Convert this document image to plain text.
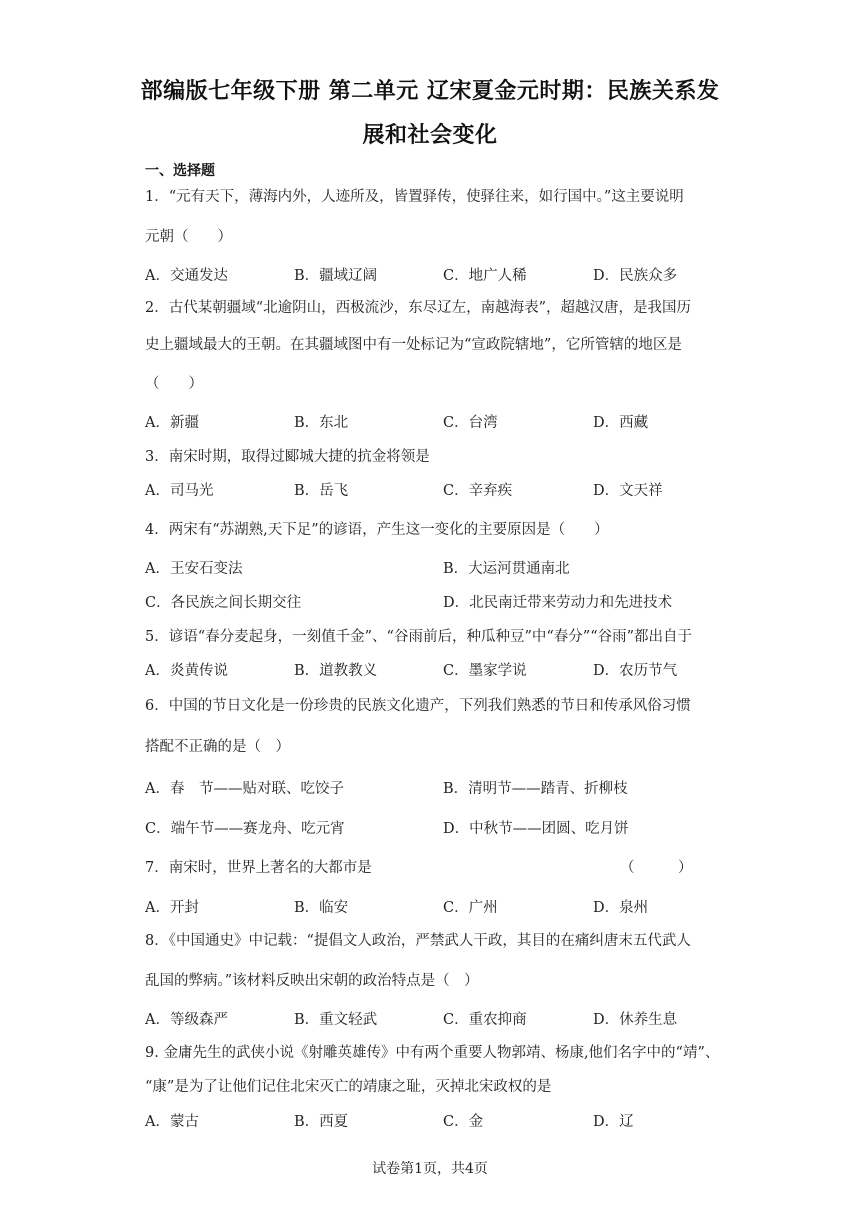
部编版七年级下册 第二单元 辽宋夏金元时期：民族关系发
展和社会变化
一、选择题
1．“元有天下，薄海内外，人迹所及，皆置驿传，使驿往来，如行国中。”这主要说明
元朝（　　）
A．交通发达	B．疆域辽阔	C．地广人稀	D．民族众多
2．古代某朝疆域“北逾阴山，西极流沙，东尽辽左，南越海表”，超越汉唐，是我国历
史上疆域最大的王朝。在其疆域图中有一处标记为“宣政院辖地”，它所管辖的地区是
（　　）
A．新疆	B．东北	C．台湾	D．西藏
3．南宋时期，取得过郾城大捷的抗金将领是
A．司马光	B．岳飞	C．辛弃疾	D．文天祥
4．两宋有“苏湖熟,天下足”的谚语，产生这一变化的主要原因是（　　）
A．王安石变法	B．大运河贯通南北
C．各民族之间长期交往	D．北民南迁带来劳动力和先进技术
5．谚语“春分麦起身，一刻值千金”、“谷雨前后，种瓜种豆”中“春分”“谷雨”都出自于
A．炎黄传说	B．道教教义	C．墨家学说	D．农历节气
6．中国的节日文化是一份珍贵的民族文化遗产，下列我们熟悉的节日和传承风俗习惯
搭配不正确的是（　）
A．春　节——贴对联、吃饺子	B．清明节——踏青、折柳枝
C．端午节——赛龙舟、吃元宵	D．中秋节——团圆、吃月饼
7．南宋时，世界上著名的大都市是	（　　　）
A．开封	B．临安	C．广州	D．泉州
8．《中国通史》中记载：“提倡文人政治，严禁武人干政，其目的在痛纠唐末五代武人
乱国的弊病。”该材料反映出宋朝的政治特点是（　）
A．等级森严	B．重文轻武	C．重农抑商	D．休养生息
9. 金庸先生的武侠小说《射雕英雄传》中有两个重要人物郭靖、杨康,他们名字中的“靖”、
“康”是为了让他们记住北宋灭亡的靖康之耻，灭掉北宋政权的是
A．蒙古	B．西夏	C．金	D．辽
试卷第1页，共4页
